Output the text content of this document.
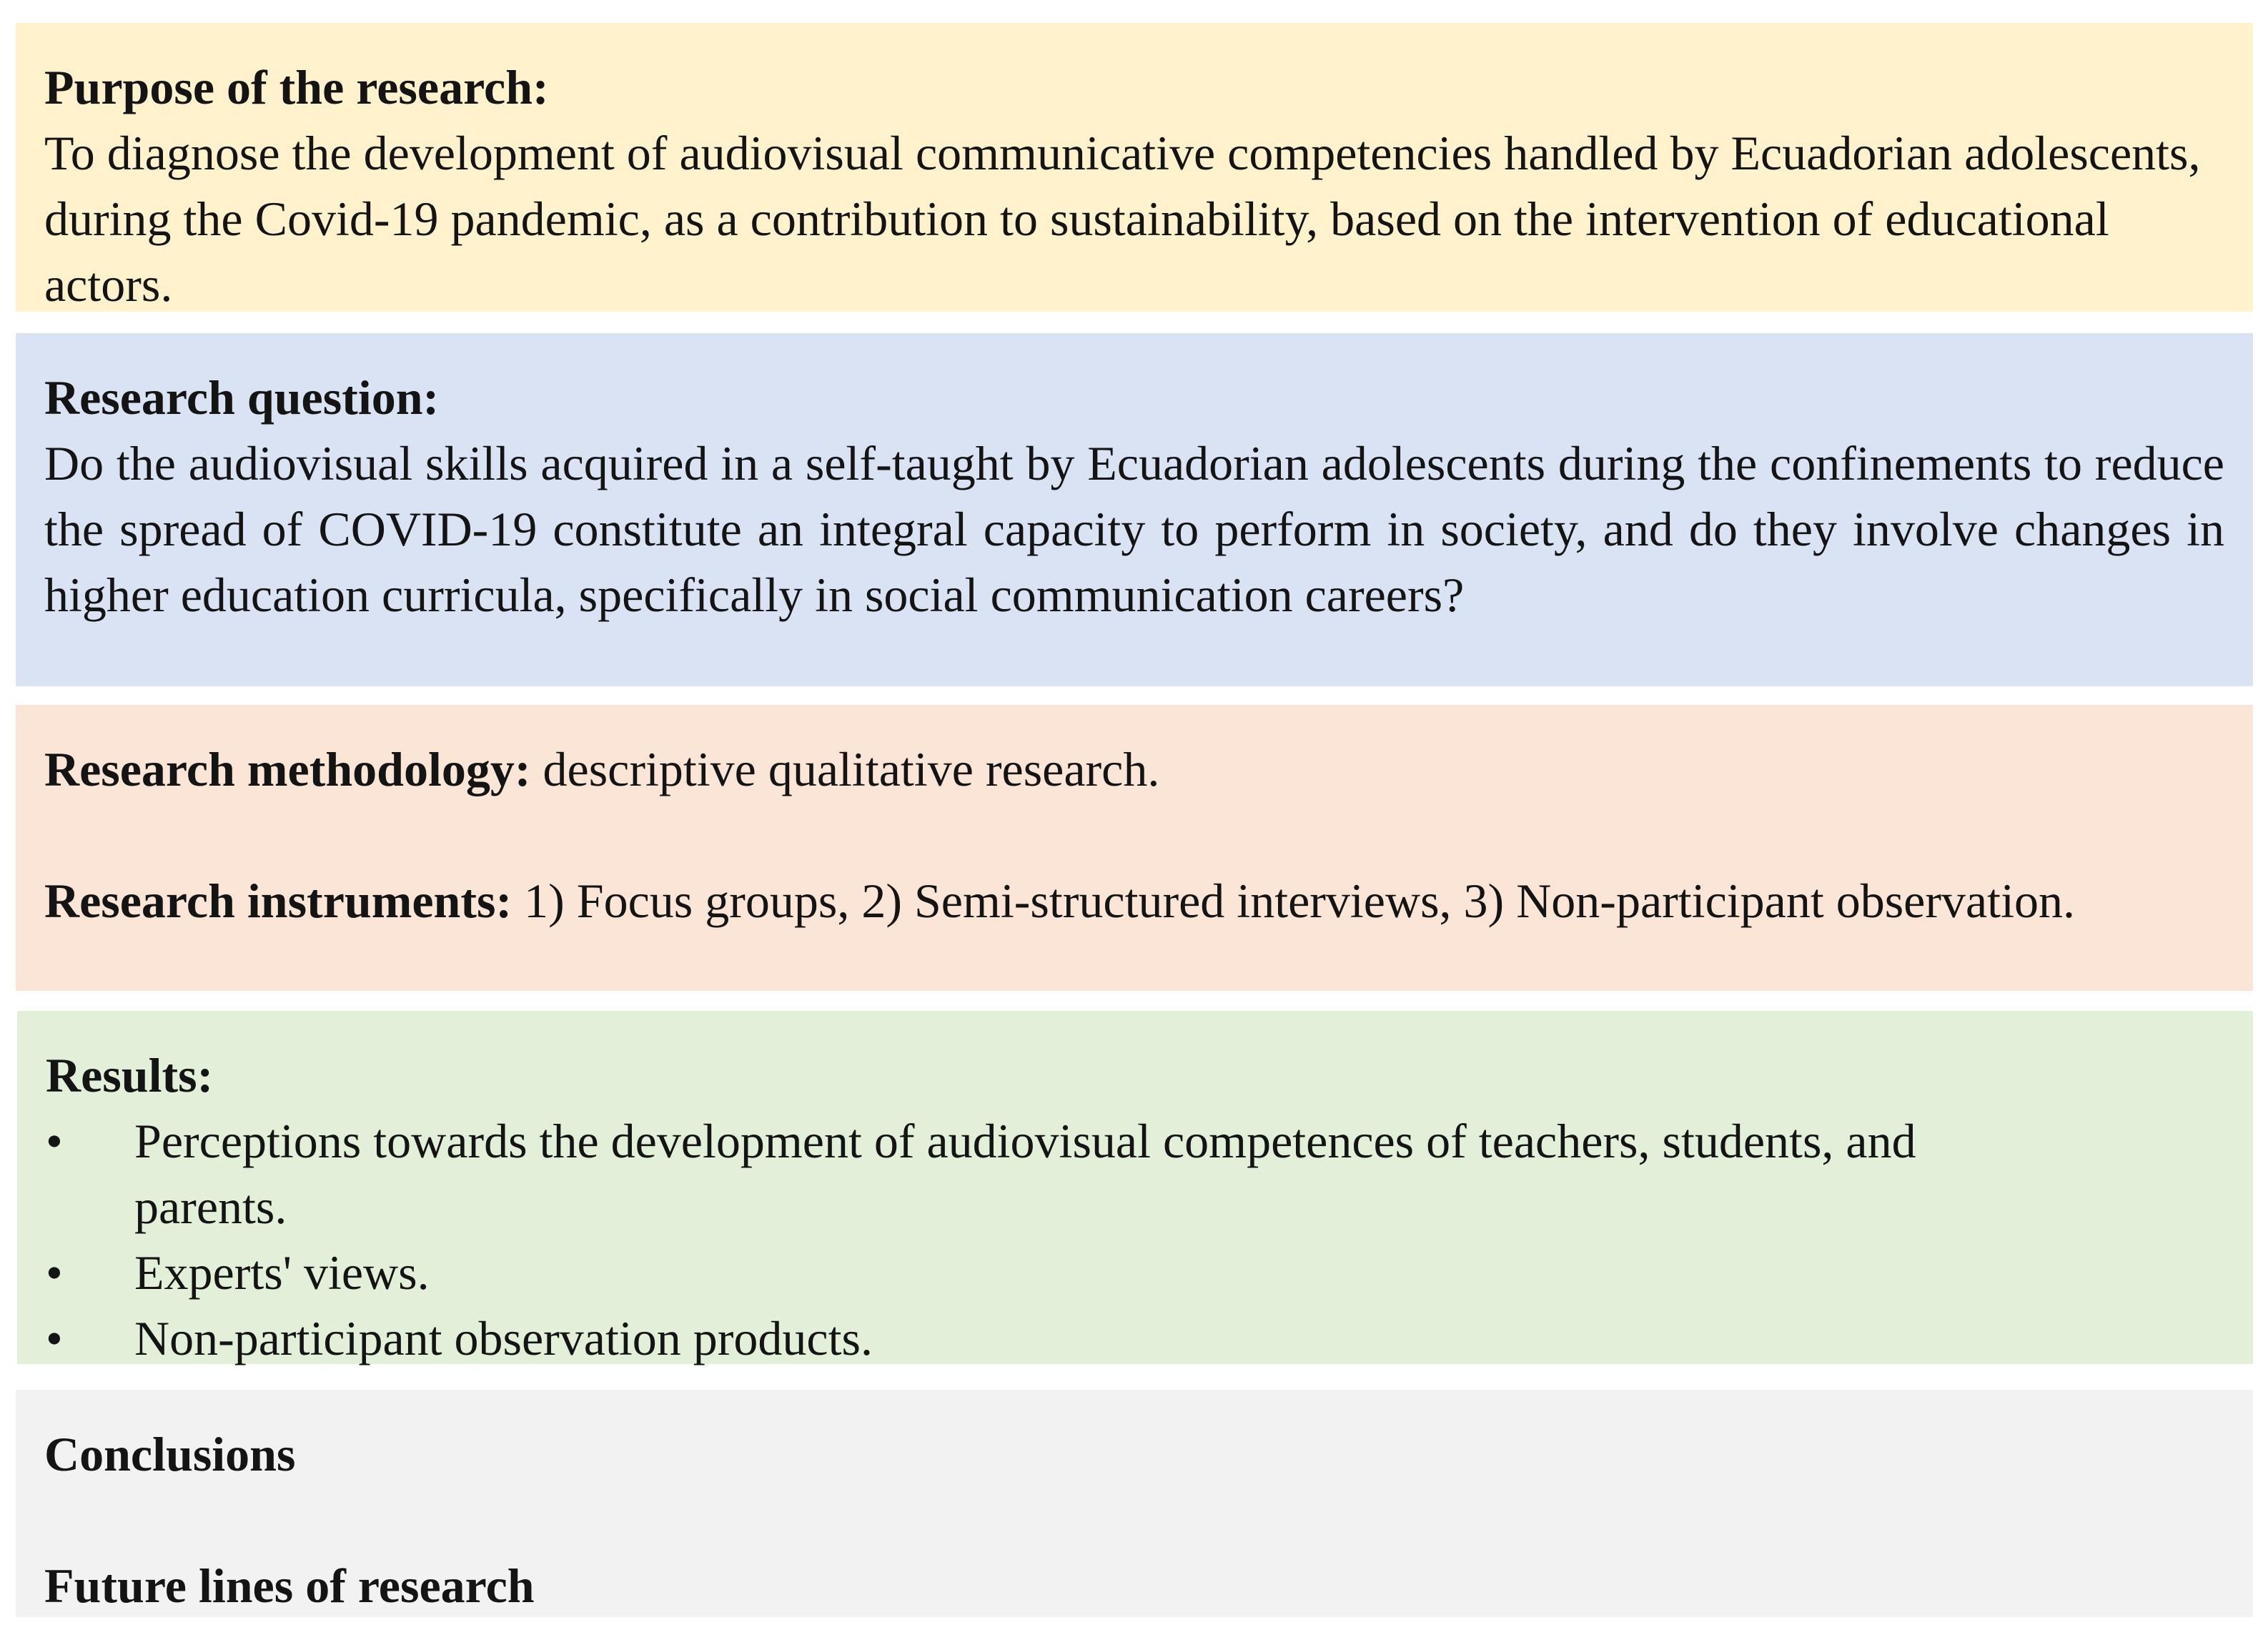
Purpose of the research:
To diagnose the development of audiovisual communicative competencies handled by Ecuadorian adolescents, during the Covid-19 pandemic, as a contribution to sustainability, based on the intervention of educational actors.
Research question:
Do the audiovisual skills acquired in a self-taught by Ecuadorian adolescents during the confinements to reduce the spread of COVID-19 constitute an integral capacity to perform in society, and do they involve changes in higher education curricula, specifically in social communication careers?
Research methodology: descriptive qualitative research.
Research instruments: 1) Focus groups, 2) Semi-structured interviews, 3) Non-participant observation.
Results:
•	Perceptions towards the development of audiovisual competences of teachers, students, and parents.
•	Experts' views.
•	Non-participant observation products.
Conclusions
Future lines of research
